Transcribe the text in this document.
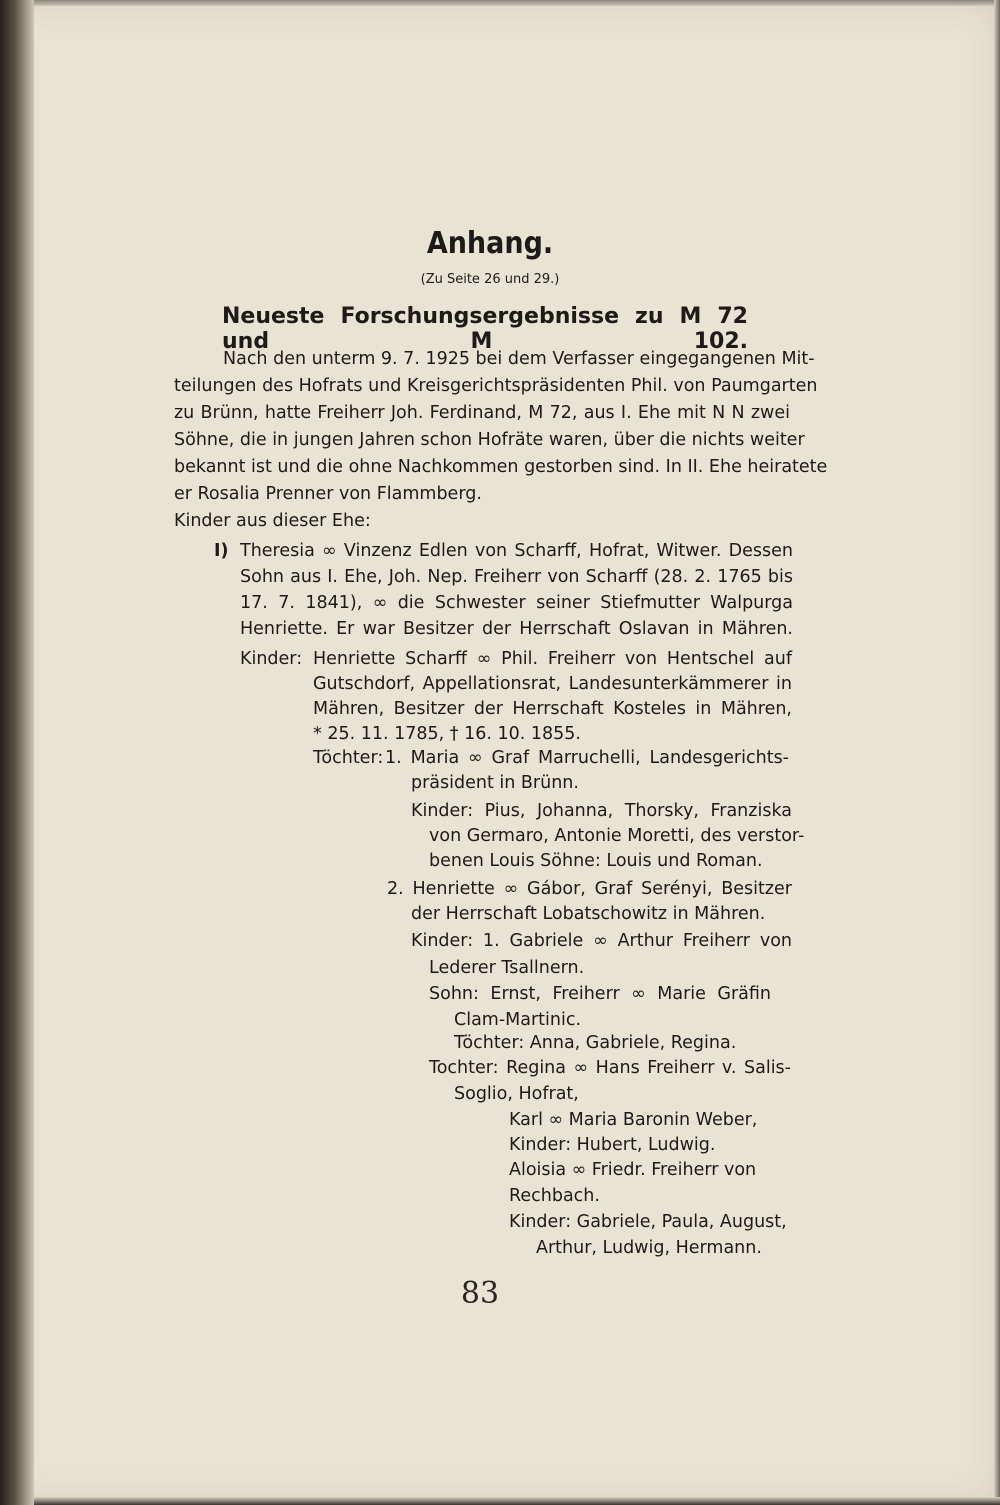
Anhang.

(Zu Seite 26 und 29.)

Neueste Forschungsergebnisse zu M 72 und M 102.

Nach den unterm 9. 7. 1925 bei dem Verfasser eingegangenen Mit-

teilungen des Hofrats und Kreisgerichtspräsidenten Phil. von Paumgarten

zu Brünn, hatte Freiherr Joh. Ferdinand, M 72, aus I. Ehe mit N N zwei

Söhne, die in jungen Jahren schon Hofräte waren, über die nichts weiter

bekannt ist und die ohne Nachkommen gestorben sind. In II. Ehe heiratete

er Rosalia Prenner von Flammberg.

Kinder aus dieser Ehe:

I) Theresia ∞ Vinzenz Edlen von Scharff, Hofrat, Witwer. Dessen

Sohn aus I. Ehe, Joh. Nep. Freiherr von Scharff (28. 2. 1765 bis

17. 7. 1841), ∞ die Schwester seiner Stiefmutter Walpurga

Henriette. Er war Besitzer der Herrschaft Oslavan in Mähren.

Kinder: Henriette Scharff ∞ Phil. Freiherr von Hentschel auf

Gutschdorf, Appellationsrat, Landesunterkämmerer in

Mähren, Besitzer der Herrschaft Kosteles in Mähren,

* 25. 11. 1785, † 16. 10. 1855.

Töchter: 1. Maria ∞ Graf Marruchelli, Landesgerichts-

präsident in Brünn.

Kinder: Pius, Johanna, Thorsky, Franziska

von Germaro, Antonie Moretti, des verstor-

benen Louis Söhne: Louis und Roman.

2. Henriette ∞ Gábor, Graf Serényi, Besitzer

der Herrschaft Lobatschowitz in Mähren.

Kinder: 1. Gabriele ∞ Arthur Freiherr von

Lederer Tsallnern.

Sohn: Ernst, Freiherr ∞ Marie Gräfin

Clam-Martinic.

Töchter: Anna, Gabriele, Regina.

Tochter: Regina ∞ Hans Freiherr v. Salis-

Soglio, Hofrat,

Karl ∞ Maria Baronin Weber,

Kinder: Hubert, Ludwig.

Aloisia ∞ Friedr. Freiherr von

Rechbach.

Kinder: Gabriele, Paula, August,

Arthur, Ludwig, Hermann.

83
